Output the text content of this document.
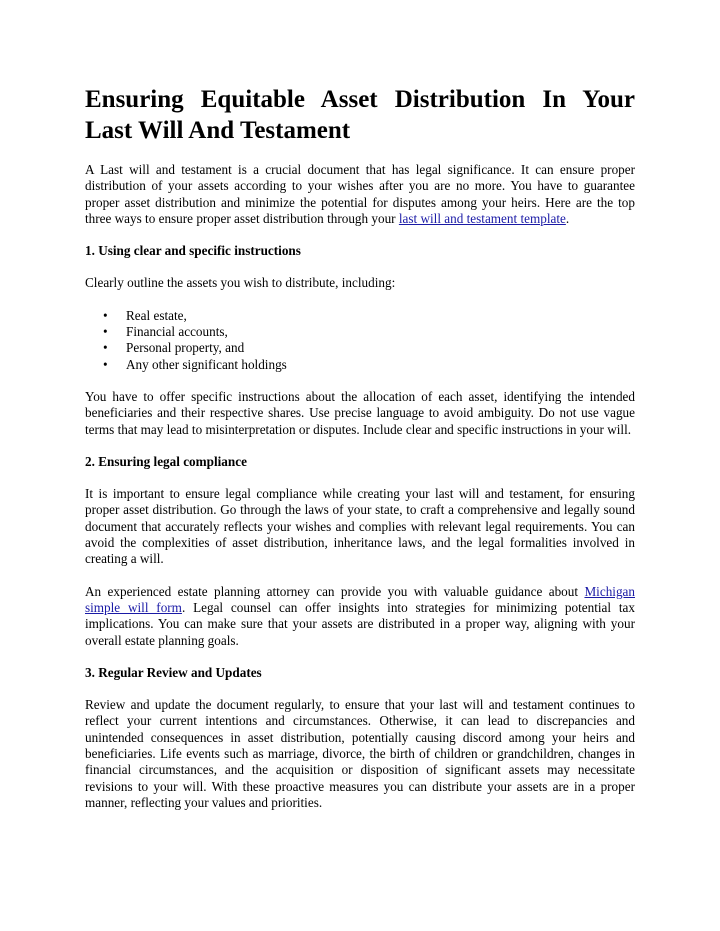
Ensuring Equitable Asset Distribution In Your
Last Will And Testament

A Last will and testament is a crucial document that has legal significance. It can ensure proper distribution of your assets according to your wishes after you are no more. You have to guarantee proper asset distribution and minimize the potential for disputes among your heirs. Here are the top three ways to ensure proper asset distribution through your last will and testament template.

1. Using clear and specific instructions

Clearly outline the assets you wish to distribute, including:

• Real estate,
• Financial accounts,
• Personal property, and
• Any other significant holdings

You have to offer specific instructions about the allocation of each asset, identifying the intended beneficiaries and their respective shares. Use precise language to avoid ambiguity. Do not use vague terms that may lead to misinterpretation or disputes. Include clear and specific instructions in your will.

2. Ensuring legal compliance

It is important to ensure legal compliance while creating your last will and testament, for ensuring proper asset distribution. Go through the laws of your state, to craft a comprehensive and legally sound document that accurately reflects your wishes and complies with relevant legal requirements. You can avoid the complexities of asset distribution, inheritance laws, and the legal formalities involved in creating a will.

An experienced estate planning attorney can provide you with valuable guidance about Michigan simple will form. Legal counsel can offer insights into strategies for minimizing potential tax implications. You can make sure that your assets are distributed in a proper way, aligning with your overall estate planning goals.

3. Regular Review and Updates

Review and update the document regularly, to ensure that your last will and testament continues to reflect your current intentions and circumstances. Otherwise, it can lead to discrepancies and unintended consequences in asset distribution, potentially causing discord among your heirs and beneficiaries. Life events such as marriage, divorce, the birth of children or grandchildren, changes in financial circumstances, and the acquisition or disposition of significant assets may necessitate revisions to your will. With these proactive measures you can distribute your assets are in a proper manner, reflecting your values and priorities.
